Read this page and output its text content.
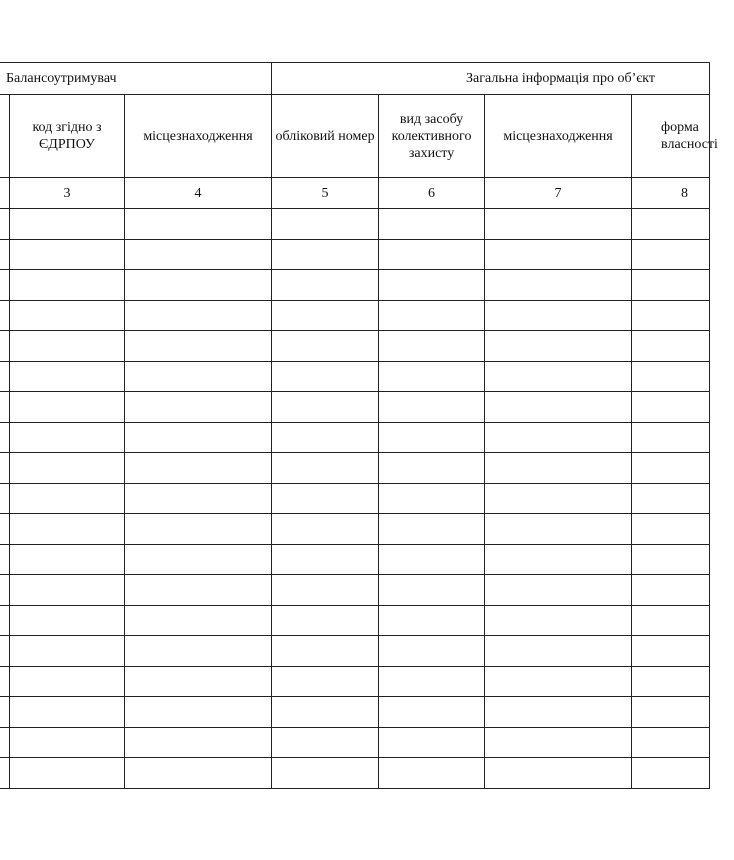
Балансоутримувач			Загальна інформація про об’єкт			
	код згідно з ЄДРПОУ	місцезнаходження	обліковий номер	вид засобу колективного захисту	місцезнаходження	форма власності
	3	4	5	6	7	8
